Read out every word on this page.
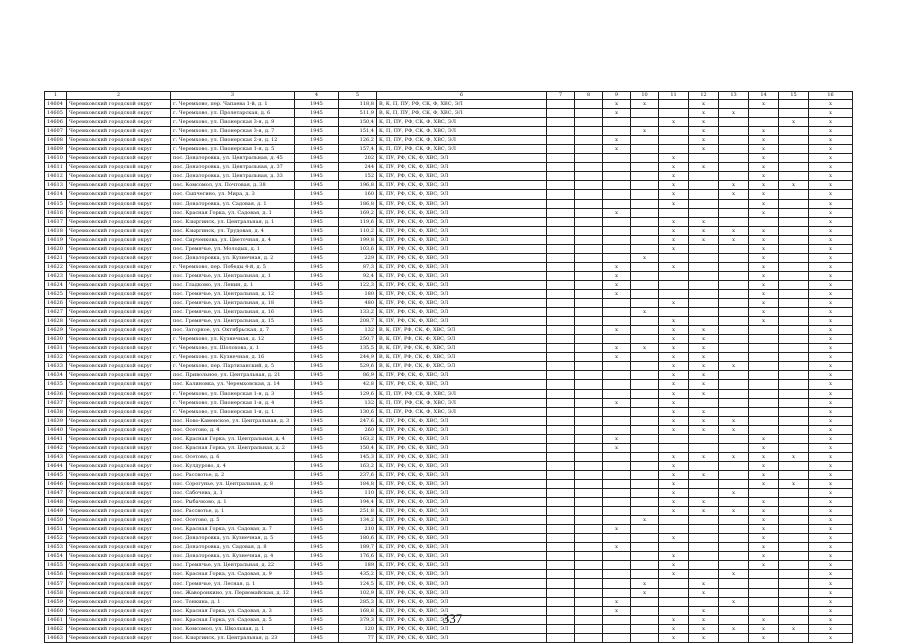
1	2	3	4	5	6	7	8	9	10	11	12	13	14	15	16
14604	Черемховский городской округ	г. Черемхово, пер. Чапаева 1-й, д. 1	1945	118,8	В, К, П, ПУ, РФ, СК, Ф, ХВС, ЭЛ			х	х		х		х		х
14605	Черемховский городской округ	г. Черемхово, ул. Пролетарская, д. 6	1945	511,9	В, К, П, ПУ, РФ, СК, Ф, ХВС, ЭЛ			х			х	х			х
14606	Черемховский городской округ	г. Черемхово, ул. Пионерская 3-я, д. 9	1945	150,4	К, П, ПУ, РФ, СК, Ф, ХВС, ЭЛ					х	х			х	х
14607	Черемховский городской округ	г. Черемхово, ул. Пионерская 3-я, д. 7	1945	151,4	К, П, ПУ, РФ, СК, Ф, ХВС, ЭЛ				х		х		х		х
14608	Черемховский городской округ	г. Черемхово, ул. Пионерская 2-я, д. 12	1945	126,2	К, П, ПУ, РФ, СК, Ф, ХВС, ЭЛ			х			х		х		х
14609	Черемховский городской округ	г. Черемхово, ул. Пионерская 1-я, д. 5	1945	157,4	К, П, ПУ, РФ, СК, Ф, ХВС, ЭЛ			х			х		х		х
14610	Черемховский городской округ	пос. Донаторовка, ул. Центральная, д. 45	1945	202	К, ПУ, РФ, СК, Ф, ХВС, ЭЛ					х			х		х
14611	Черемховский городской округ	пос. Донаторовка, ул. Центральная, д. 37	1945	244	К, ПУ, РФ, СК, Ф, ХВС, ЭЛ					х	х		х		х
14612	Черемховский городской округ	пос. Донаторовка, ул. Центральная, д. 33	1945	152	К, ПУ, РФ, СК, Ф, ХВС, ЭЛ					х			х		х
14613	Черемховский городской округ	пос. Комсомол, ул. Почтовая, д. 38	1945	196,8	К, ПУ, РФ, СК, Ф, ХВС, ЭЛ					х		х	х	х	х
14614	Черемховский городской округ	пос. Сыпчегино, ул. Мира, д. 3	1945	160	К, ПУ, РФ, СК, Ф, ХВС, ЭЛ					х		х	х		х
14615	Черемховский городской округ	пос. Донаторовка, ул. Садовая, д. 1	1945	186,8	К, ПУ, РФ, СК, Ф, ХВС, ЭЛ					х			х		х
14616	Черемховский городской округ	пос. Красная Горка, ул. Садовая, д. 1	1945	169,2	К, ПУ, РФ, СК, Ф, ХВС, ЭЛ			х					х		х
14617	Черемховский городской округ	пос. Кзыргинск, ул. Центральная, д. 1	1945	119,6	К, ПУ, РФ, СК, Ф, ХВС, ЭЛ					х	х				х
14618	Черемховский городской округ	пос. Кзыргинск, ул. Трудовая, д. 4	1945	110,2	К, ПУ, РФ, СК, Ф, ХВС, ЭЛ					х	х	х	х		х
14619	Черемховский городской округ	пос. Сирченкова, ул. Цветочная, д. 4	1945	199,8	К, ПУ, РФ, СК, Ф, ХВС, ЭЛ					х	х	х	х		х
14620	Черемховский городской округ	пос. Гремячье, ул. Молодых, д. 1	1945	103,6	К, ПУ, РФ, СК, Ф, ХВС, ЭЛ					х			х		х
14621	Черемховский городской округ	пос. Донаторовка, ул. Кузнечная, д. 2	1945	229	К, ПУ, РФ, СК, Ф, ХВС, ЭЛ				х				х		х
14622	Черемховский городской округ	г. Черемхово, пер. Победы 4-й, д. 5	1945	87,3	К, ПУ, РФ, СК, Ф, ХВС, ЭЛ			х		х			х		х
14623	Черемховский городской округ	пос. Гремячье, ул. Центральная, д. 1	1945	92,4	К, ПУ, РФ, СК, Ф, ХВС, ЭЛ			х					х		х
14624	Черемховский городской округ	пос. Гладкомо, ул. Ленин, д. 1	1945	122,3	К, ПУ, РФ, СК, Ф, ХВС, ЭЛ			х					х		х
14625	Черемховский городской округ	пос. Гремячье, ул. Центральная, д. 12	1945	180	К, ПУ, РФ, СК, Ф, ХВС, ЭЛ			х					х		х
14626	Черемховский городской округ	пос. Гремячье, ул. Центральная, д. 18	1945	480	К, ПУ, РФ, СК, Ф, ХВС, ЭЛ					х			х		х
14627	Черемховский городской округ	пос. Гремячье, ул. Центральная, д. 16	1945	133,2	К, ПУ, РФ, СК, Ф, ХВС, ЭЛ				х				х		х
14628	Черемховский городской округ	пос. Гремячье, ул. Центральная, д. 15	1945	208,7	К, ПУ, РФ, СК, Ф, ХВС, ЭЛ					х			х		х
14629	Черемховский городской округ	пос. Заторное, ул. Октябрьская, д. 7	1945	132	В, К, ПУ, РФ, СК, Ф, ХВС, ЭЛ			х		х	х				х
14630	Черемховский городской округ	г. Черемхово, ул. Кузнечная, д. 12	1945	250,7	В, К, ПУ, РФ, СК, Ф, ХВС, ЭЛ					х	х				х
14631	Черемховский городской округ	г. Черемхово, ул. Шолохова, д. 1	1945	135,5	В, К, ПУ, РФ, СК, Ф, ХВС, ЭЛ			х	х	х	х				х
14632	Черемховский городской округ	г. Черемхово, ул. Кузнечная, д. 16	1945	244,9	В, К, ПУ, РФ, СК, Ф, ХВС, ЭЛ			х		х	х				х
14633	Черемховский городской округ	г. Черемхово, пер. Партизанский, д. 5	1945	529,6	В, К, ПУ, РФ, СК, Ф, ХВС, ЭЛ					х	х	х			х
14634	Черемховский городской округ	пос. Привольное, ул. Центральная, д. 21	1945	86,9	К, ПУ, РФ, СК, Ф, ХВС, ЭЛ					х	х				х
14635	Черемховский городской округ	пос. Калиновка, ул. Черемховская, д. 14	1945	42,8	К, ПУ, РФ, СК, Ф, ХВС, ЭЛ					х	х				х
14636	Черемховский городской округ	г. Черемхово, ул. Пионерская 1-я, д. 3	1945	129,6	К, П, ПУ, РФ, СК, Ф, ХВС, ЭЛ					х	х				х
14637	Черемховский городской округ	г. Черемхово, ул. Пионерская 1-я, д. 4	1945	132	К, П, ПУ, РФ, СК, Ф, ХВС, ЭЛ			х		х					х
14638	Черемховский городской округ	г. Черемхово, ул. Пионерская 1-я, д. 1	1945	130,6	К, П, ПУ, РФ, СК, Ф, ХВС, ЭЛ					х	х				х
14639	Черемховский городской округ	пос. Ново-Каменское, ул. Центральная, д. 3	1945	247,6	К, ПУ, РФ, СК, Ф, ХВС, ЭЛ					х	х	х			х
14640	Черемховский городской округ	пос. Осетово, д. 4	1945	260	К, ПУ, РФ, СК, Ф, ХВС, ЭЛ					х	х	х			х
14641	Черемховский городской округ	пос. Красная Горка, ул. Центральная, д. 4	1945	163,2	К, ПУ, РФ, СК, Ф, ХВС, ЭЛ			х					х		х
14642	Черемховский городской округ	пос. Красная Горка, ул. Центральная, д. 2	1945	150,4	К, ПУ, РФ, СК, Ф, ХВС, ЭЛ			х					х		х
14643	Черемховский городской округ	пос. Осетово, д. 6	1945	145,3	К, ПУ, РФ, СК, Ф, ХВС, ЭЛ					х	х	х	х	х	х
14644	Черемховский городской округ	пос. Кулдурово, д. 4	1945	163,2	К, ПУ, РФ, СК, Ф, ХВС, ЭЛ					х			х		х
14645	Черемховский городской округ	пос. Рассвотье, д. 2	1945	237,6	К, ПУ, РФ, СК, Ф, ХВС, ЭЛ					х	х		х		х
14646	Черемховский городской округ	пос. Сорогунье, ул. Центральная, д. 8	1945	184,8	К, ПУ, РФ, СК, Ф, ХВС, ЭЛ					х			х	х	х
14647	Черемховский городской округ	пос. Сабочева, д. 1	1945	110	К, ПУ, РФ, СК, Ф, ХВС, ЭЛ					х		х			х
14648	Черемховский городской округ	пос. Рыбачково, д. 1	1945	194,4	К, ПУ, РФ, СК, Ф, ХВС, ЭЛ					х	х		х		х
14649	Черемховский городской округ	пос. Рассвотье, д. 1	1945	251,8	К, ПУ, РФ, СК, Ф, ХВС, ЭЛ					х	х	х	х		х
14650	Черемховский городской округ	пос. Осетово, д. 5	1945	134,2	К, ПУ, РФ, СК, Ф, ХВС, ЭЛ				х				х		х
14651	Черемховский городской округ	пос. Красная Горка, ул. Садовая, д. 7	1945	210	К, ПУ, РФ, СК, Ф, ХВС, ЭЛ			х					х		х
14652	Черемховский городской округ	пос. Донаторовка, ул. Кузнечная, д. 5	1945	180,6	К, ПУ, РФ, СК, Ф, ХВС, ЭЛ					х			х		х
14653	Черемховский городской округ	пос. Донаторовка, ул. Садовая, д. 8	1945	189,7	К, ПУ, РФ, СК, Ф, ХВС, ЭЛ			х					х		х
14654	Черемховский городской округ	пос. Донаторовка, ул. Кузнечная, д. 4	1945	176,6	К, ПУ, РФ, СК, Ф, ХВС, ЭЛ					х			х		х
14655	Черемховский городской округ	пос. Гремячье, ул. Центральная, д. 22	1945	189	К, ПУ, РФ, СК, Ф, ХВС, ЭЛ					х			х		х
14656	Черемховский городской округ	пос. Красная Горка, ул. Садовая, д. 9	1945	435,2	К, ПУ, РФ, СК, Ф, ХВС, ЭЛ					х		х			х
14657	Черемховский городской округ	пос. Гремячье, ул. Лесная, д. 1	1945	124,5	К, ПУ, РФ, СК, Ф, ХВС, ЭЛ				х		х				х
14658	Черемховский городской округ	пос. Жаворонкино, ул. Первомайская, д. 12	1945	102,9	К, ПУ, РФ, СК, Ф, ХВС, ЭЛ				х		х				х
14659	Черемховский городской округ	пос. Тонкина, д. 1	1945	285,3	К, ПУ, РФ, СК, Ф, ХВС, ЭЛ			х				х			х
14660	Черемховский городской округ	пос. Красная Горка, ул. Садовая, д. 3	1945	168,8	К, ПУ, РФ, СК, Ф, ХВС, ЭЛ			х			х				х
14661	Черемховский городской округ	пос. Красная Горка, ул. Садовая, д. 5	1945	379,3	К, ПУ, РФ, СК, Ф, ХВС, ЭЛ					х	х		х		х
14662	Черемховский городской округ	пос. Комсомол, ул. Школьная, д. 1	1945	120	К, ПУ, РФ, СК, Ф, ХВС, ЭЛ					х	х	х	х	х	х
14663	Черемховский городской округ	пос. Кзыргинск, ул. Центральная, д. 23	1945	77	К, ПУ, РФ, СК, Ф, ХВС, ЭЛ					х	х		х		х
337
